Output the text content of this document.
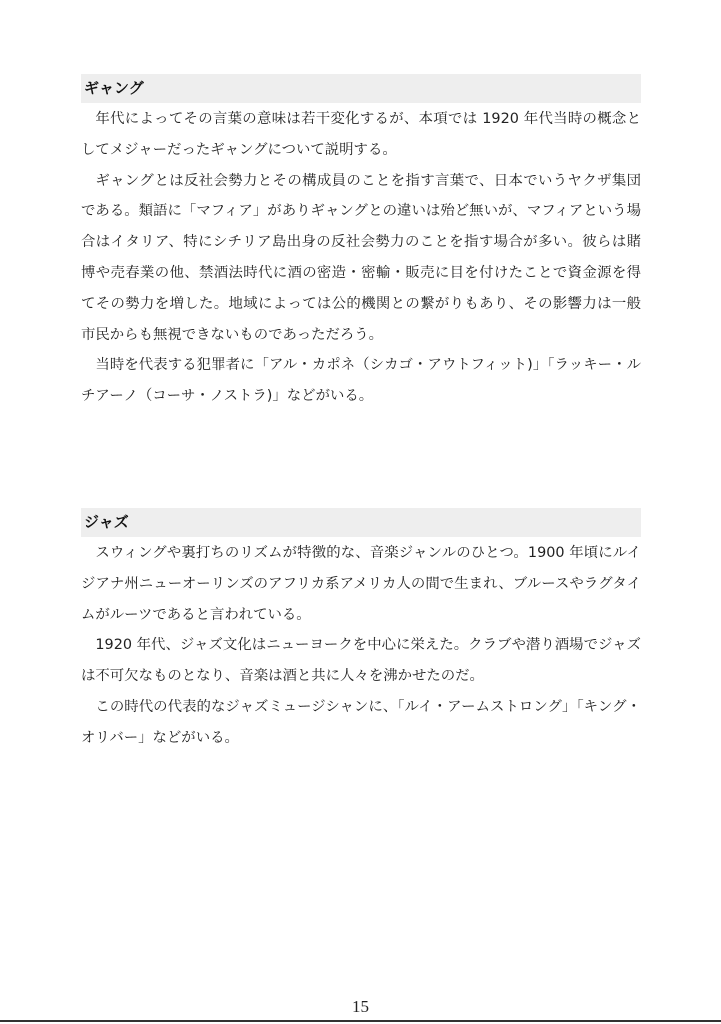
ギャング

年代によってその言葉の意味は若干変化するが、本項では 1920 年代当時の概念としてメジャーだったギャングについて説明する。

ギャングとは反社会勢力とその構成員のことを指す言葉で、日本でいうヤクザ集団である。類語に「マフィア」がありギャングとの違いは殆ど無いが、マフィアという場合はイタリア、特にシチリア島出身の反社会勢力のことを指す場合が多い。彼らは賭博や売春業の他、禁酒法時代に酒の密造・密輸・販売に目を付けたことで資金源を得てその勢力を増した。地域によっては公的機関との繋がりもあり、その影響力は一般市民からも無視できないものであっただろう。

当時を代表する犯罪者に「アル・カポネ（シカゴ・アウトフィット)」「ラッキー・ルチアーノ（コーサ・ノストラ)」などがいる。

ジャズ

スウィングや裏打ちのリズムが特徴的な、音楽ジャンルのひとつ。1900 年頃にルイジアナ州ニューオーリンズのアフリカ系アメリカ人の間で生まれ、ブルースやラグタイムがルーツであると言われている。

1920 年代、ジャズ文化はニューヨークを中心に栄えた。クラブや潜り酒場でジャズは不可欠なものとなり、音楽は酒と共に人々を沸かせたのだ。

この時代の代表的なジャズミュージシャンに、「ルイ・アームストロング」「キング・オリバー」などがいる。

15
